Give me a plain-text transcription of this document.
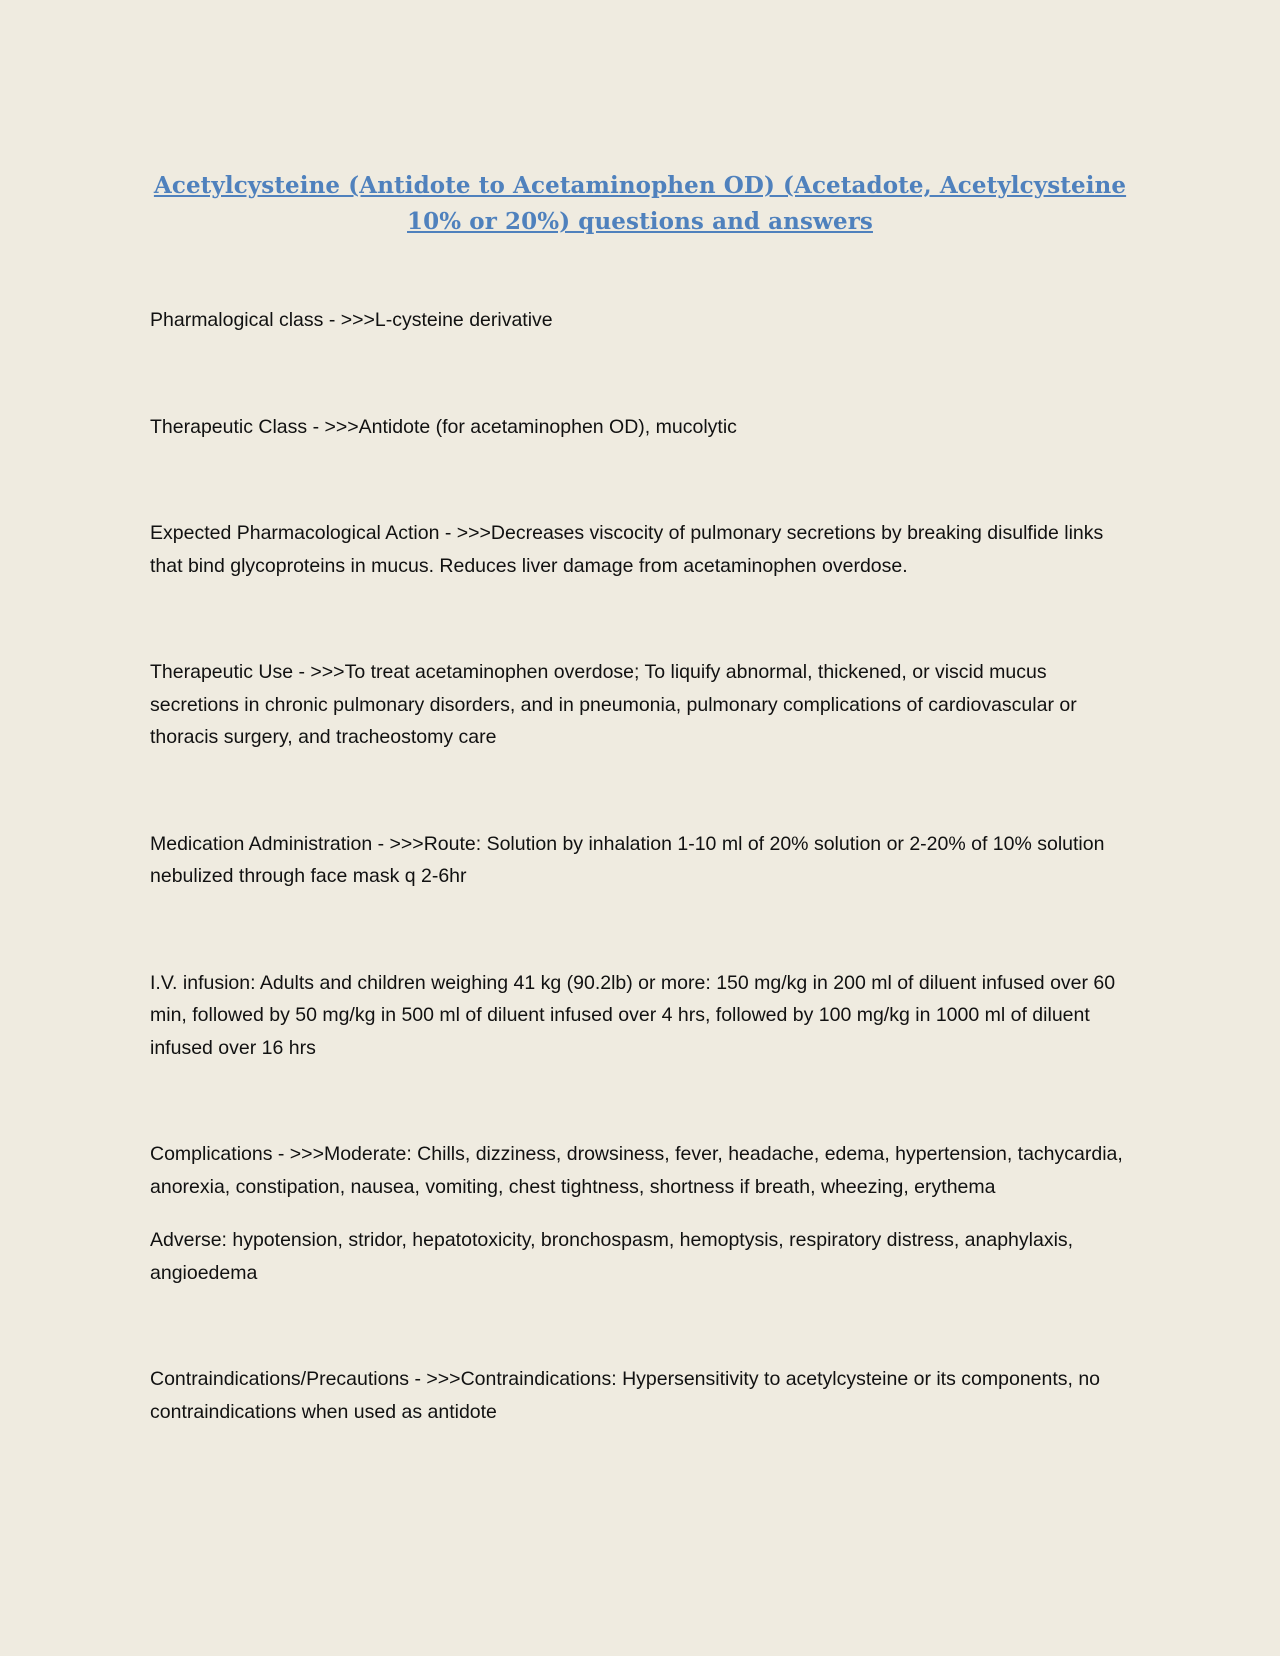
Acetylcysteine (Antidote to Acetaminophen OD) (Acetadote, Acetylcysteine 10% or 20%) questions and answers

Pharmalogical class - >>>	L-cysteine derivative

Therapeutic Class - >>>	Antidote (for acetaminophen OD), mucolytic

Expected Pharmacological Action - >>>	Decreases viscocity of pulmonary secretions by breaking disulfide links that bind glycoproteins in mucus. Reduces liver damage from acetaminophen overdose.

Therapeutic Use - >>>	To treat acetaminophen overdose; To liquify abnormal, thickened, or viscid mucus secretions in chronic pulmonary disorders, and in pneumonia, pulmonary complications of cardiovascular or thoracis surgery, and tracheostomy care

Medication Administration - >>>	Route: Solution by inhalation 1-10 ml of 20% solution or 2-20% of 10% solution nebulized through face mask q 2-6hr

I.V. infusion: Adults and children weighing 41 kg (90.2lb) or more: 150 mg/kg in 200 ml of diluent infused over 60 min, followed by 50 mg/kg in 500 ml of diluent infused over 4 hrs, followed by 100 mg/kg in 1000 ml of diluent infused over 16 hrs

Complications - >>>	Moderate: Chills, dizziness, drowsiness, fever, headache, edema, hypertension, tachycardia, anorexia, constipation, nausea, vomiting, chest tightness, shortness if breath, wheezing, erythema

Adverse: hypotension, stridor, hepatotoxicity, bronchospasm, hemoptysis, respiratory distress, anaphylaxis, angioedema

Contraindications/Precautions - >>>	Contraindications: Hypersensitivity to acetylcysteine or its components, no contraindications when used as antidote
